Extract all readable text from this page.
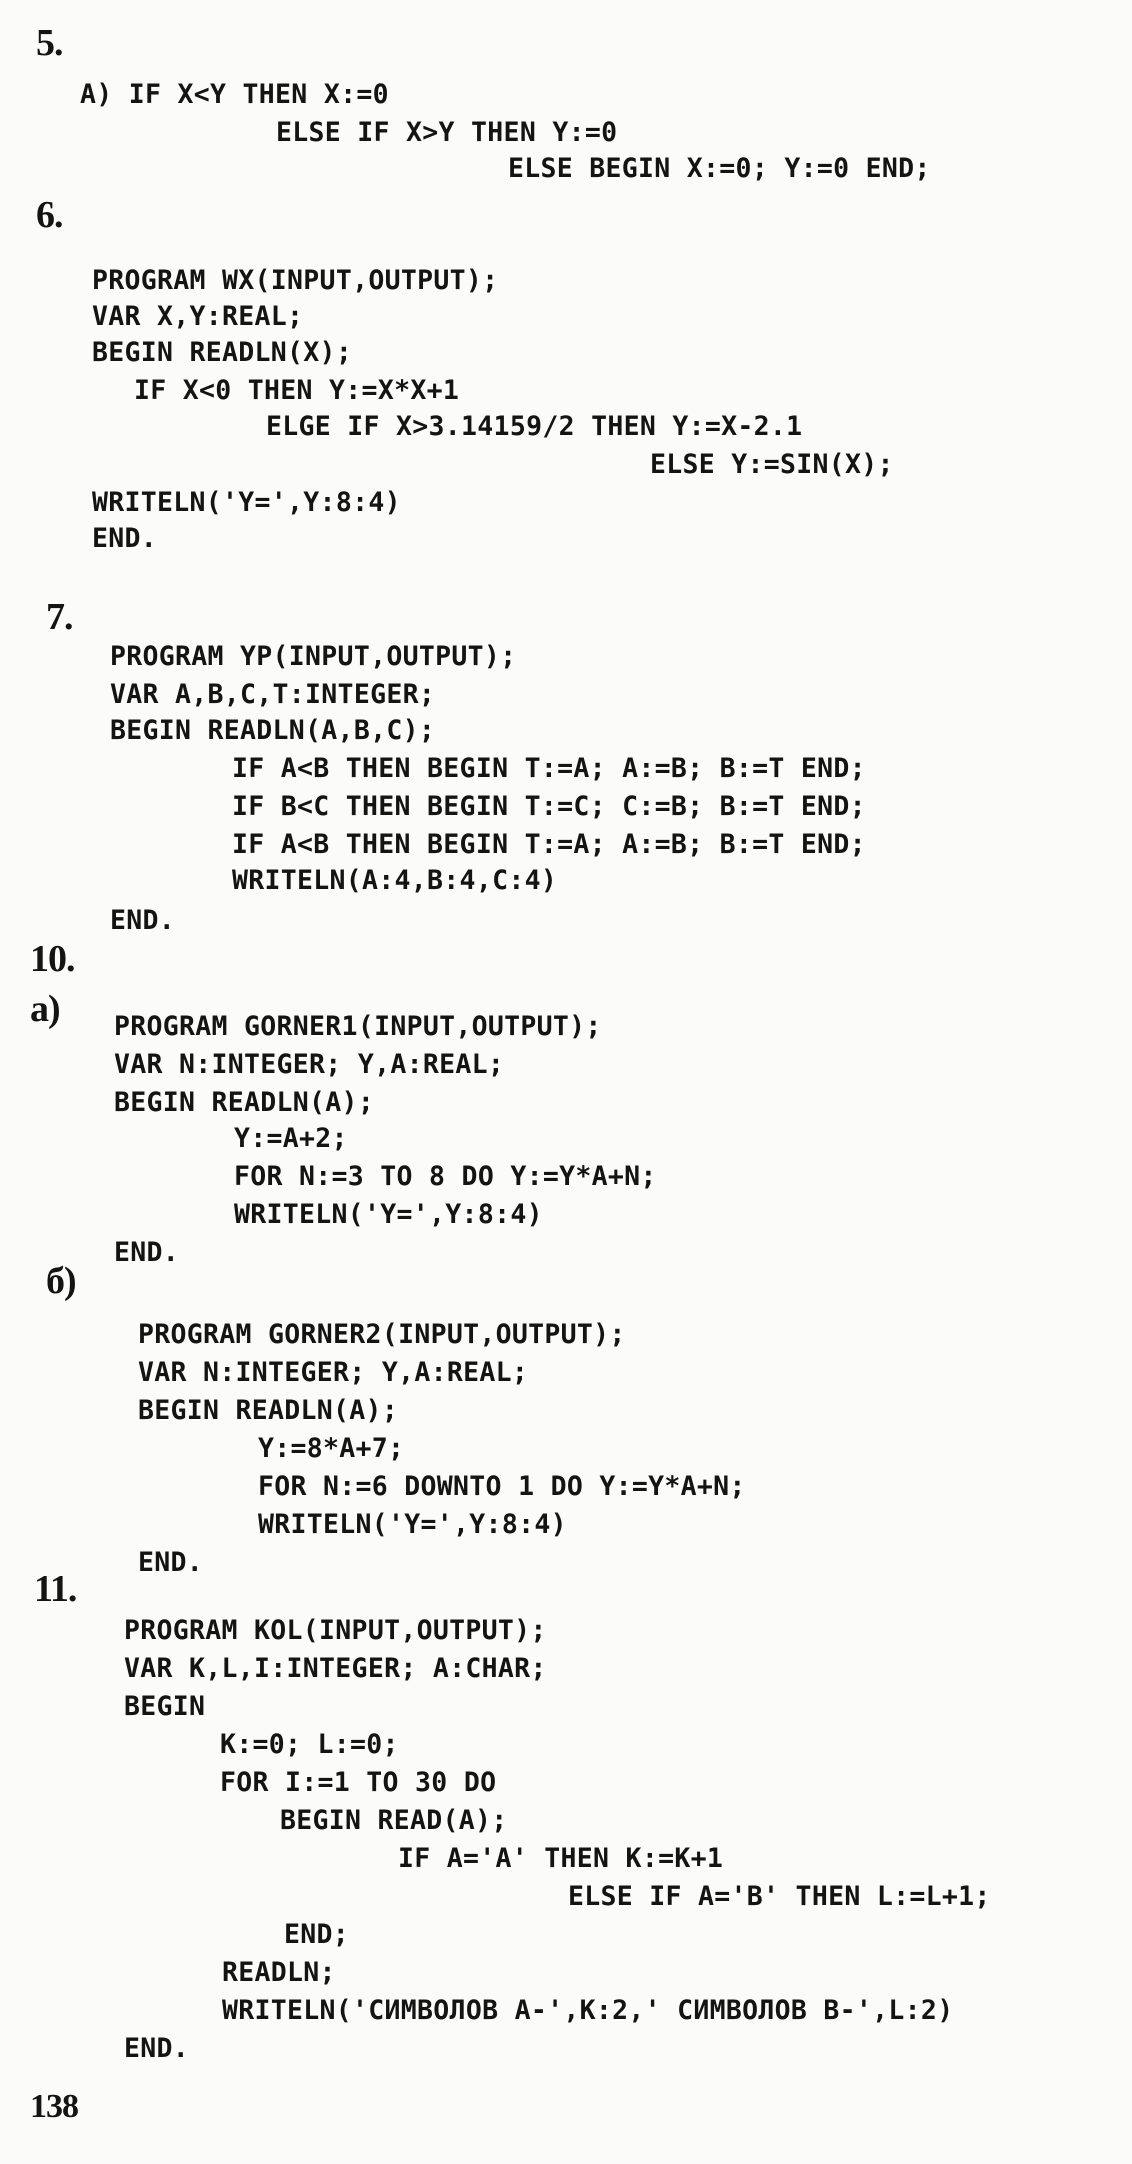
5.
A) IF X<Y THEN X:=0
ELSE IF X>Y THEN Y:=0
ELSE BEGIN X:=0; Y:=0 END;
6.
PROGRAM WX(INPUT,OUTPUT);
VAR X,Y:REAL;
BEGIN READLN(X);
IF X<0 THEN Y:=X*X+1
ELGE IF X>3.14159/2 THEN Y:=X-2.1
ELSE Y:=SIN(X);
WRITELN('Y=',Y:8:4)
END.
7.
PROGRAM YP(INPUT,OUTPUT);
VAR A,B,C,T:INTEGER;
BEGIN READLN(A,B,C);
IF A<B THEN BEGIN T:=A; A:=B; B:=T END;
IF B<C THEN BEGIN T:=C; C:=B; B:=T END;
IF A<B THEN BEGIN T:=A; A:=B; B:=T END;
WRITELN(A:4,B:4,C:4)
END.
10.
a) PROGRAM GORNER1(INPUT,OUTPUT);
VAR N:INTEGER; Y,A:REAL;
BEGIN READLN(A);
Y:=A+2;
FOR N:=3 TO 8 DO Y:=Y*A+N;
WRITELN('Y=',Y:8:4)
END.
б)
PROGRAM GORNER2(INPUT,OUTPUT);
VAR N:INTEGER; Y,A:REAL;
BEGIN READLN(A);
Y:=8*A+7;
FOR N:=6 DOWNTO 1 DO Y:=Y*A+N;
WRITELN('Y=',Y:8:4)
END.
11.
PROGRAM KOL(INPUT,OUTPUT);
VAR K,L,I:INTEGER; A:CHAR;
BEGIN
K:=0; L:=0;
FOR I:=1 TO 30 DO
BEGIN READ(A);
IF A='A' THEN K:=K+1
ELSE IF A='B' THEN L:=L+1;
END;
READLN;
WRITELN('СИМВОЛОВ A-',K:2,' СИМВОЛОВ B-',L:2)
END.
138
